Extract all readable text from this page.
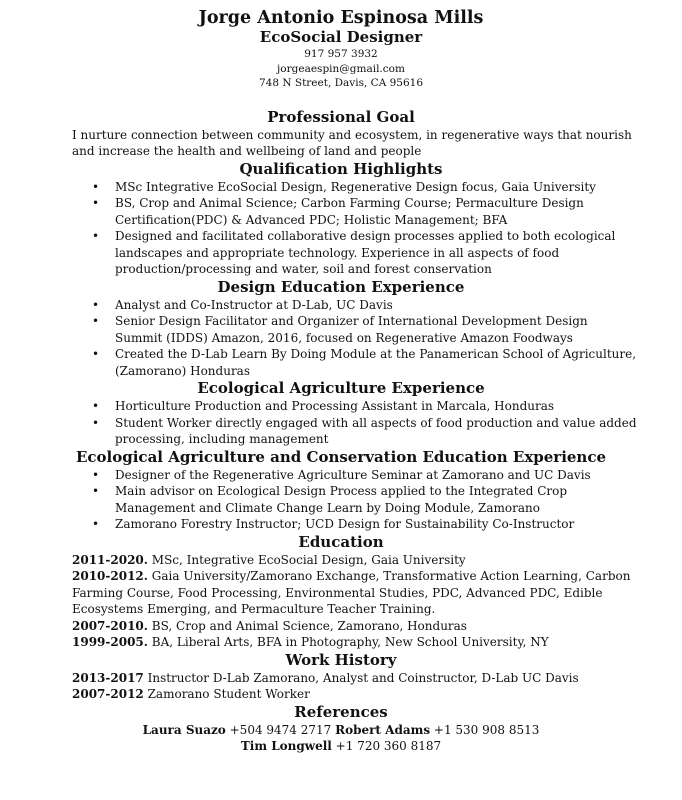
Jorge Antonio Espinosa Mills
EcoSocial Designer
917 957 3932
jorgeaespin@gmail.com
748 N Street, Davis, CA 95616
Professional Goal
I nurture connection between community and ecosystem, in regenerative ways that nourish and increase the health and wellbeing of land and people
Qualification Highlights
• MSc Integrative EcoSocial Design, Regenerative Design focus, Gaia University
• BS, Crop and Animal Science; Carbon Farming Course; Permaculture Design Certification(PDC) & Advanced PDC; Holistic Management; BFA
• Designed and facilitated collaborative design processes applied to both ecological landscapes and appropriate technology. Experience in all aspects of food production/processing and water, soil and forest conservation
Design Education Experience
• Analyst and Co-Instructor at D-Lab, UC Davis
• Senior Design Facilitator and Organizer of International Development Design Summit (IDDS) Amazon, 2016, focused on Regenerative Amazon Foodways
• Created the D-Lab Learn By Doing Module at the Panamerican School of Agriculture, (Zamorano) Honduras
Ecological Agriculture Experience
• Horticulture Production and Processing Assistant in Marcala, Honduras
• Student Worker directly engaged with all aspects of food production and value added processing, including management
Ecological Agriculture and Conservation Education Experience
• Designer of the Regenerative Agriculture Seminar at Zamorano and UC Davis
• Main advisor on Ecological Design Process applied to the Integrated Crop Management and Climate Change Learn by Doing Module, Zamorano
• Zamorano Forestry Instructor; UCD Design for Sustainability Co-Instructor
Education
2011-2020. MSc, Integrative EcoSocial Design, Gaia University
2010-2012. Gaia University/Zamorano Exchange, Transformative Action Learning, Carbon Farming Course, Food Processing, Environmental Studies, PDC, Advanced PDC, Edible Ecosystems Emerging, and Permaculture Teacher Training.
2007-2010. BS, Crop and Animal Science, Zamorano, Honduras
1999-2005. BA, Liberal Arts, BFA in Photography, New School University, NY
Work History
2013-2017 Instructor D-Lab Zamorano, Analyst and Coinstructor, D-Lab UC Davis
2007-2012 Zamorano Student Worker
References
Laura Suazo +504 9474 2717 Robert Adams +1 530 908 8513
Tim Longwell +1 720 360 8187
